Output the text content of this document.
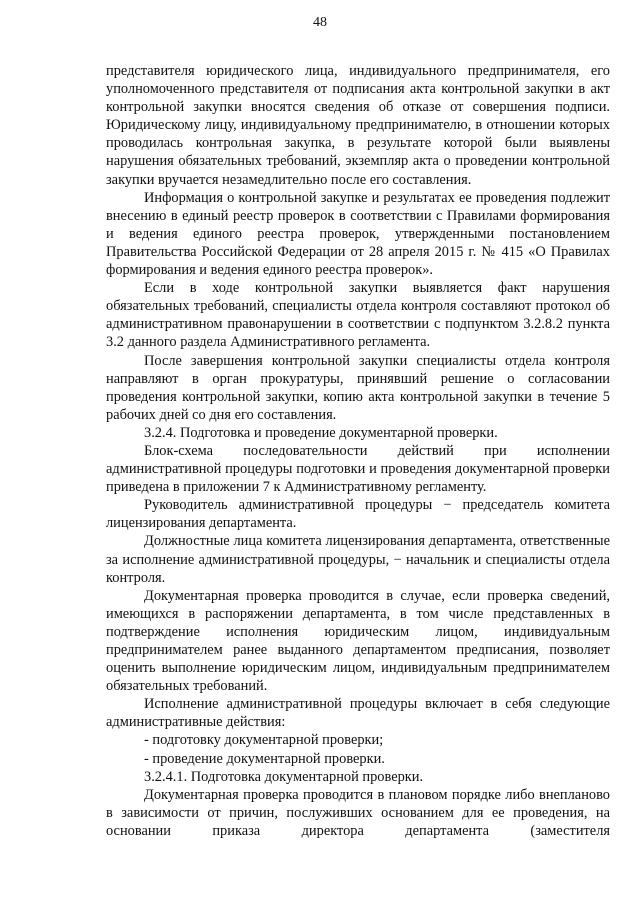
48

представителя юридического лица, индивидуального предпринимателя, его уполномоченного представителя от подписания акта контрольной закупки в акт контрольной закупки вносятся сведения об отказе от совершения подписи. Юридическому лицу, индивидуальному предпринимателю, в отношении которых проводилась контрольная закупка, в результате которой были выявлены нарушения обязательных требований, экземпляр акта о проведении контрольной закупки вручается незамедлительно после его составления.

Информация о контрольной закупке и результатах ее проведения подлежит внесению в единый реестр проверок в соответствии с Правилами формирования и ведения единого реестра проверок, утвержденными постановлением Правительства Российской Федерации от 28 апреля 2015 г. № 415 «О Правилах формирования и ведения единого реестра проверок».

Если в ходе контрольной закупки выявляется факт нарушения обязательных требований, специалисты отдела контроля составляют протокол об административном правонарушении в соответствии с подпунктом 3.2.8.2 пункта 3.2 данного раздела Административного регламента.

После завершения контрольной закупки специалисты отдела контроля направляют в орган прокуратуры, принявший решение о согласовании проведения контрольной закупки, копию акта контрольной закупки в течение 5 рабочих дней со дня его составления.

3.2.4. Подготовка и проведение документарной проверки.

Блок-схема последовательности действий при исполнении административной процедуры подготовки и проведения документарной проверки приведена в приложении 7 к Административному регламенту.

Руководитель административной процедуры − председатель комитета лицензирования департамента.

Должностные лица комитета лицензирования департамента, ответственные за исполнение административной процедуры, − начальник и специалисты отдела контроля.

Документарная проверка проводится в случае, если проверка сведений, имеющихся в распоряжении департамента, в том числе представленных в подтверждение исполнения юридическим лицом, индивидуальным предпринимателем ранее выданного департаментом предписания, позволяет оценить выполнение юридическим лицом, индивидуальным предпринимателем обязательных требований.

Исполнение административной процедуры включает в себя следующие административные действия:

- подготовку документарной проверки;

- проведение документарной проверки.

3.2.4.1. Подготовка документарной проверки.

Документарная проверка проводится в плановом порядке либо внепланово в зависимости от причин, послуживших основанием для ее проведения, на основании приказа директора департамента (заместителя
